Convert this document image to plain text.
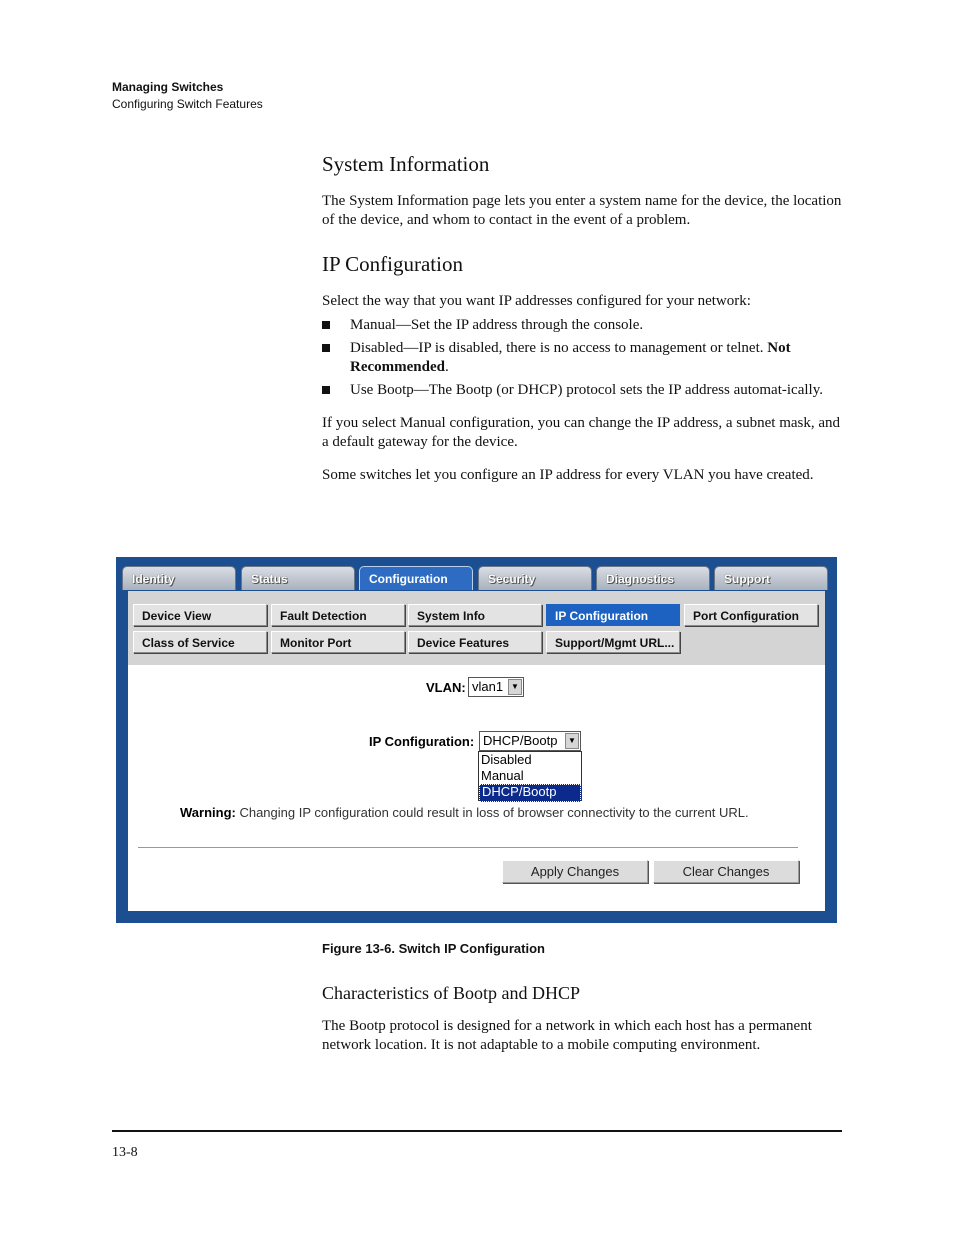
Managing Switches
Configuring Switch Features
System Information

The System Information page lets you enter a system name for the device, the location of the device, and whom to contact in the event of a problem.

IP Configuration

Select the way that you want IP addresses configured for your network:

Manual—Set the IP address through the console.
Disabled—IP is disabled, there is no access to management or telnet. Not Recommended.
Use Bootp—The Bootp (or DHCP) protocol sets the IP address automat-ically.

If you select Manual configuration, you can change the IP address, a subnet mask, and a default gateway for the device.

Some switches let you configure an IP address for every VLAN you have created.

Identity	Status	Configuration	Security	Diagnostics	Support
Device View	Fault Detection	System Info	IP Configuration	Port Configuration
Class of Service	Monitor Port	Device Features	Support/Mgmt URL...
VLAN: vlan1 ▼
IP Configuration: DHCP/Bootp	▼
Disabled
Manual
DHCP/Bootp
Warning: Changing IP configuration could result in loss of browser connectivity to the current URL.
Apply Changes	Clear Changes
Figure 13-6. Switch IP Configuration
Characteristics of Bootp and DHCP

The Bootp protocol is designed for a network in which each host has a permanent network location. It is not adaptable to a mobile computing environment.

13-8
